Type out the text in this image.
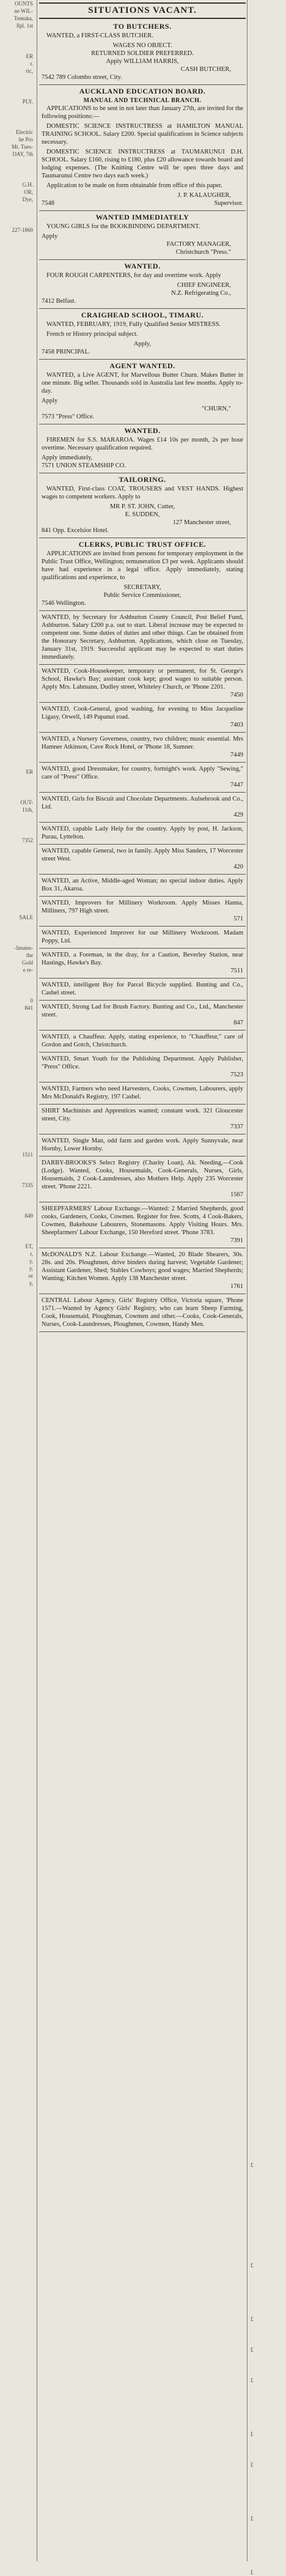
OUNTS
ne WIL-
Temuka,
llpl. 1st
ER
r.
ric,
PLY.
Electric
he Pro
Mt. Tues-
DAY, 7th
G.H.
OR,
Dye,
227-1860
ER
OUT-
11th,
7352
SALE
-lieuten-
the
Gold
e re-
0
841
1511
7335
849
ET,
r,
y,
y,
or
y,
£
£
£
£
£
£
£
£
£
SITUATIONS VACANT.
TO BUTCHERS.

WANTED, a FIRST-CLASS BUTCHER.

WAGES NO OBJECT.
RETURNED SOLDIER PREFERRED.
Apply WILLIAM HARRIS,
CASH BUTCHER,
7542 789 Colombo street, City.
AUCKLAND EDUCATION BOARD.
MANUAL AND TECHNICAL BRANCH.

APPLICATIONS to be sent in not later than January 27th, are invited for the following positions:—

DOMESTIC SCIENCE INSTRUCTRESS at HAMILTON MANUAL TRAINING SCHOOL. Salary £200. Special qualifications in Science subjects necessary.

DOMESTIC SCIENCE INSTRUCTRESS at TAUMARUNUI D.H. SCHOOL. Salary £160, rising to £180, plus £20 allowance towards board and lodging expenses. (The Knitting Centre will be open three days and Taumarunui Centre two days each week.)

Application to be made on form obtainable from office of this paper.

J. P. KALAUGHER,
7548	Supervisor.
WANTED IMMEDIATELY

YOUNG GIRLS for the BOOKBINDING DEPARTMENT.

Apply
FACTORY MANAGER,
Christchurch "Press."
WANTED.

FOUR ROUGH CARPENTERS, for day and overtime work. Apply

CHIEF ENGINEER,
N.Z. Refrigerating Co.,
7412 Belfast.
CRAIGHEAD SCHOOL, TIMARU.

WANTED, FEBRUARY, 1919, Fully Qualified Senior MISTRESS.

French or History principal subject.

Apply,
7458 PRINCIPAL.
AGENT WANTED.

WANTED, a Live AGENT, for Marvellous Butter Churn. Makes Butter in one minute. Big seller. Thousands sold in Australia last few months. Apply to-day.

Apply
"CHURN,"
7573 "Press" Office.
WANTED.

FIREMEN for S.S. MARAROA. Wages £14 10s per month, 2s per hour overtime. Necessary qualification required.

Apply immediately,
7571 UNION STEAMSHIP CO.
TAILORING.

WANTED, First-class COAT, TROUSERS and VEST HANDS. Highest wages to competent workers. Apply to

MR P. ST. JOHN, Cutter,
E. SUDDEN,
127 Manchester street,
841 Opp. Excelsior Hotel.
CLERKS, PUBLIC TRUST OFFICE.

APPLICATIONS are invited from persons for temporary employment in the Public Trust Office, Wellington; remuneration £3 per week. Applicants should have had experience in a legal office. Apply immediately, stating qualifications and experience, to

SECRETARY,
Public Service Commissioner,
7546 Wellington.
WANTED, by Secretary for Ashburton County Council, Post Belief Fund, Ashburton. Salary £200 p.a. out to start. Liberal increase may be expected to competent one. Some duties of duties and other things. Can be obtained from the Honorary Secretary, Ashburton. Applications, which close on Tuesday, January 31st, 1919. Successful applicant may be expected to start duties immediately.
WANTED, Cook-Housekeeper, temporary or permanent, for St. George's School, Hawke's Bay; assistant cook kept; good wages to suitable person. Apply Mrs. Lahmann, Dudley street, Whiteley Church, or 'Phone 2201.
7450
WANTED, Cook-General, good washing, for evening to Miss Jacqueline Ligasy, Orwell, 149 Papanui road.
7403
WANTED, a Nursery Governess, country, two children; music essential. Mrs Hamner Atkinson, Cave Rock Hotel, or 'Phone 18, Sumner.
7449
WANTED, good Dressmaker, for country, fortnight's work. Apply "Sewing," care of "Press" Office.
7447
WANTED, Girls for Biscuit and Chocolate Departments. Aulsebrook and Co., Ltd.
429
WANTED, capable Lady Help for the country. Apply by post, H. Jackson, Purau, Lyttelton.
WANTED, capable General, two in family. Apply Miss Sanders, 17 Worcester street West.
420
WANTED, an Active, Middle-aged Woman; no special indoor duties. Apply Box 31, Akaroa.
WANTED, Improvers for Millinery Workroom. Apply Misses Hanna, Milliners, 797 High street.
571
WANTED, Experienced Improver for our Millinery Workroom. Madam Poppy, Ltd.
WANTED, a Foreman, in the dray, for a Caution, Beverley Station, near Hastings, Hawke's Bay.
7511
WANTED, intelligent Boy for Parcel Bicycle supplied. Bunting and Co., Cashel street.
WANTED, Strong Lad for Brush Factory. Bunting and Co., Ltd., Manchester street.
847
WANTED, a Chauffeur. Apply, stating experience, to "Chauffeur," care of Gordon and Gotch, Christchurch.
WANTED, Smart Youth for the Publishing Department. Apply Publisher, "Press" Office.
7523
WANTED, Farmers who need Harvesters, Cooks, Cowmen, Labourers, apply Mrs McDonald's Registry, 197 Cashel.
SHIRT Machinists and Apprentices wanted; constant work. 321 Gloucester street, City.
7337
WANTED, Single Man, odd farm and garden work. Apply Sunnyvale, near Hornby, Lower Hornby.
DARBY-BROOKS'S Select Registry (Charity Loan), Ak. Needing,—Cook (Lodge). Wanted, Cooks, Housemaids, Cook-Generals, Nurses, Girls, Housemaids, 2 Cook-Laundresses, also Mothers Help. Apply 235 Worcester street. 'Phone 2221.
1567
SHEEPFARMERS' Labour Exchange.—Wanted: 2 Married Shepherds, good cooks, Gardeners, Cooks, Cowmen. Register for free. Scotts, 4 Cook-Bakers, Cowmen, Bakehouse Labourers, Stonemasons. Apply Visiting Hours. Mrs. Sheepfarmers' Labour Exchange, 150 Hereford street. 'Phone 3783.
7391
McDONALD'S N.Z. Labour Exchange.—Wanted, 20 Blade Shearers, 30s. 28s. and 20s. Ploughmen, drive binders during harvest; Vegetable Gardener; Assistant Gardener, Shed; Stables Cowboys; good wages; Married Shepherds; Wanting; Kitchen Women. Apply 138 Manchester street.
1761
CENTRAL Labour Agency, Girls' Registry Office, Victoria square, 'Phone 1571.—Wanted by Agency Girls' Registry, who can learn Sheep Farming, Cook, Housemaid, Ploughman, Cowmen and other.—Cooks, Cook-Generals, Nurses, Cook-Laundresses, Ploughmen, Cowmen, Handy Men.
